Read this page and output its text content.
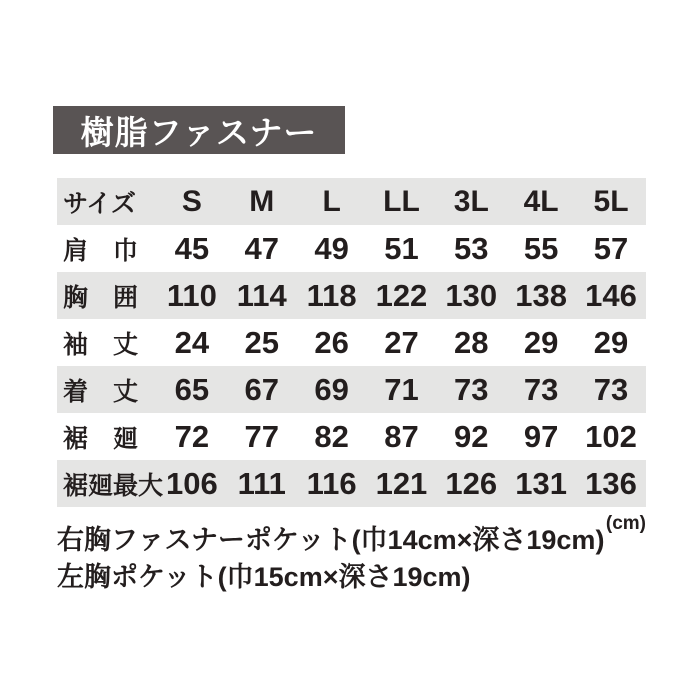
樹脂ファスナー
サイズ	S	M	L	LL	3L	4L	5L
肩　巾	45	47	49	51	53	55	57
胸　囲	110	114	118	122	130	138	146
袖　丈	24	25	26	27	28	29	29
着　丈	65	67	69	71	73	73	73
裾　廻	72	77	82	87	92	97	102
裾廻最大	106	111	116	121	126	131	136
(cm)
右胸ファスナーポケット(巾14cm×深さ19cm)
左胸ポケット(巾15cm×深さ19cm)
